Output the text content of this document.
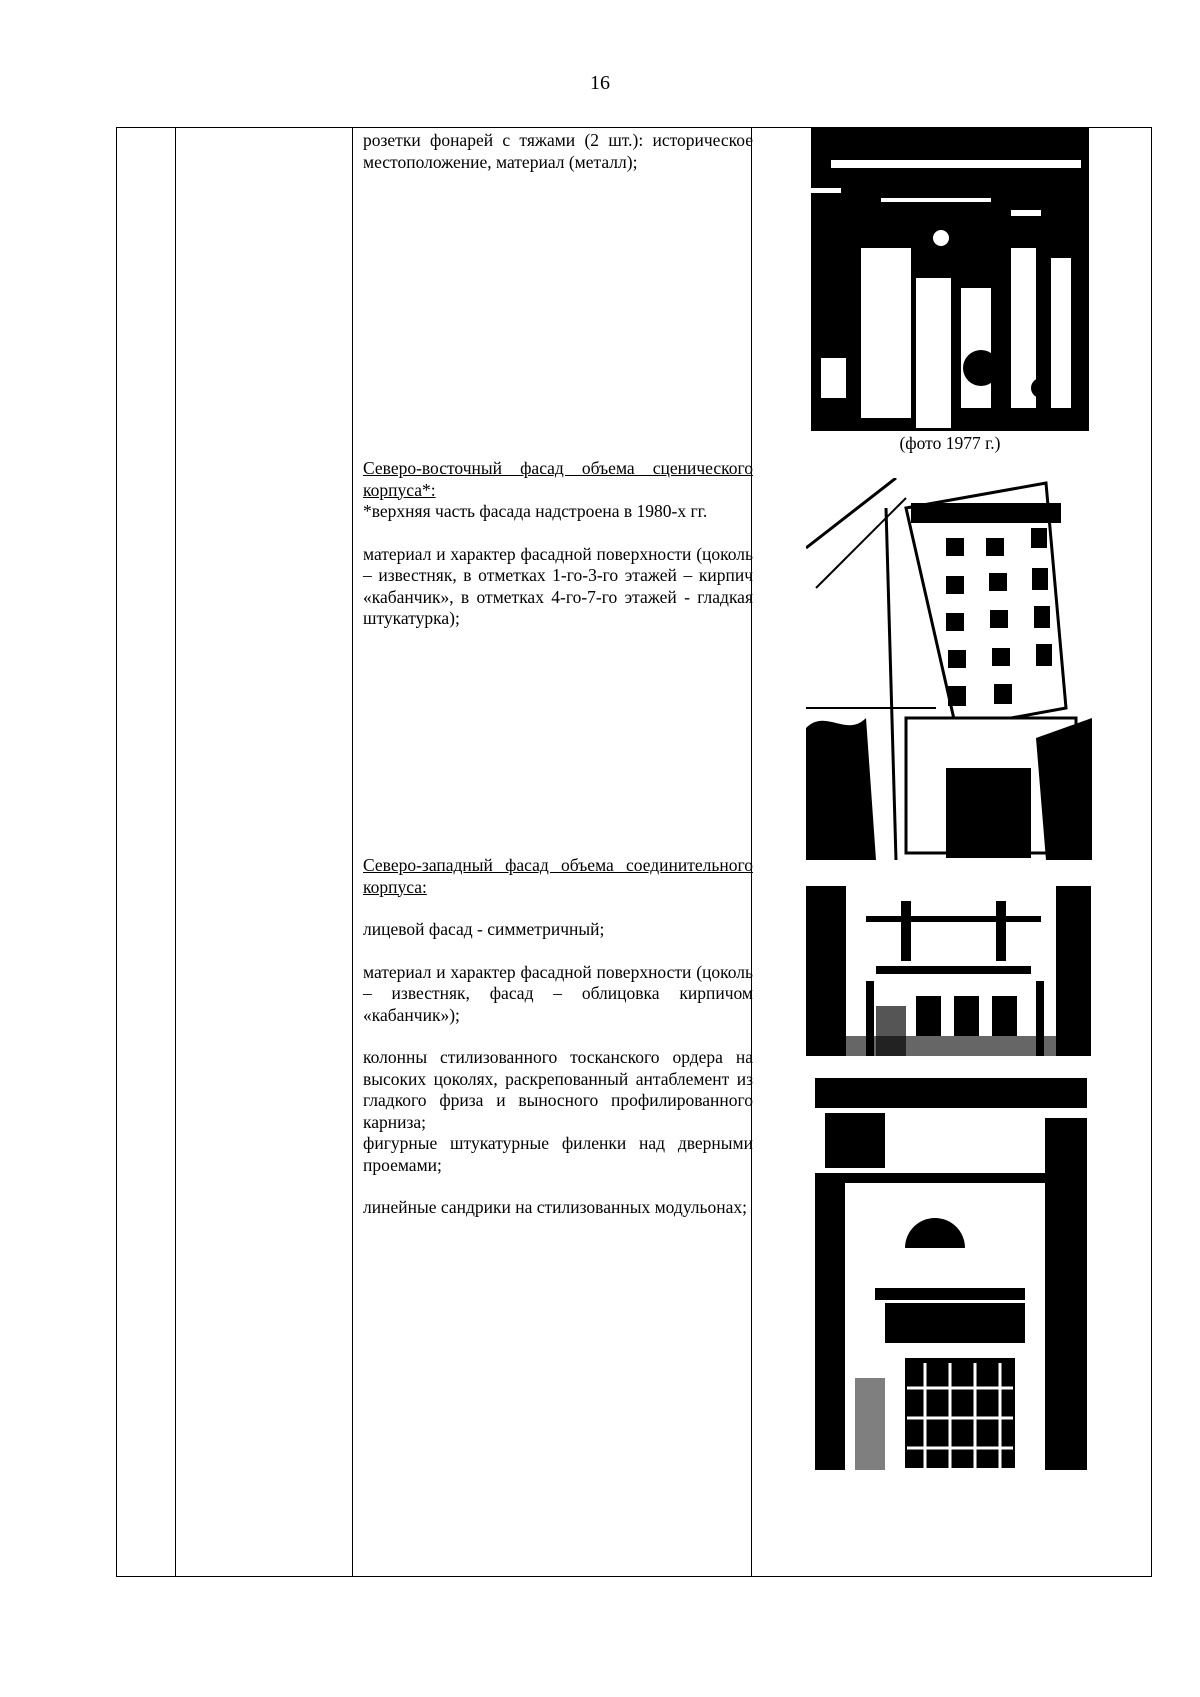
16

розетки фонарей с тяжами (2 шт.): историческое местоположение, материал (металл);

Северо-восточный фасад объема сценического корпуса*:

*верхняя часть фасада надстроена в 1980-х гг.

материал и характер фасадной поверхности (цоколь – известняк, в отметках 1-го-3-го этажей – кирпич «кабанчик», в отметках 4-го-7-го этажей - гладкая штукатурка);

Северо-западный фасад объема соединительного корпуса:

лицевой фасад - симметричный;

материал и характер фасадной поверхности (цоколь – известняк, фасад – облицовка кирпичом «кабанчик»);

колонны стилизованного тосканского ордера на высоких цоколях, раскрепованный антаблемент из гладкого фриза и выносного профилированного карниза;

фигурные штукатурные филенки над дверными проемами;

линейные сандрики на стилизованных модульонах;

(фото 1977 г.)
